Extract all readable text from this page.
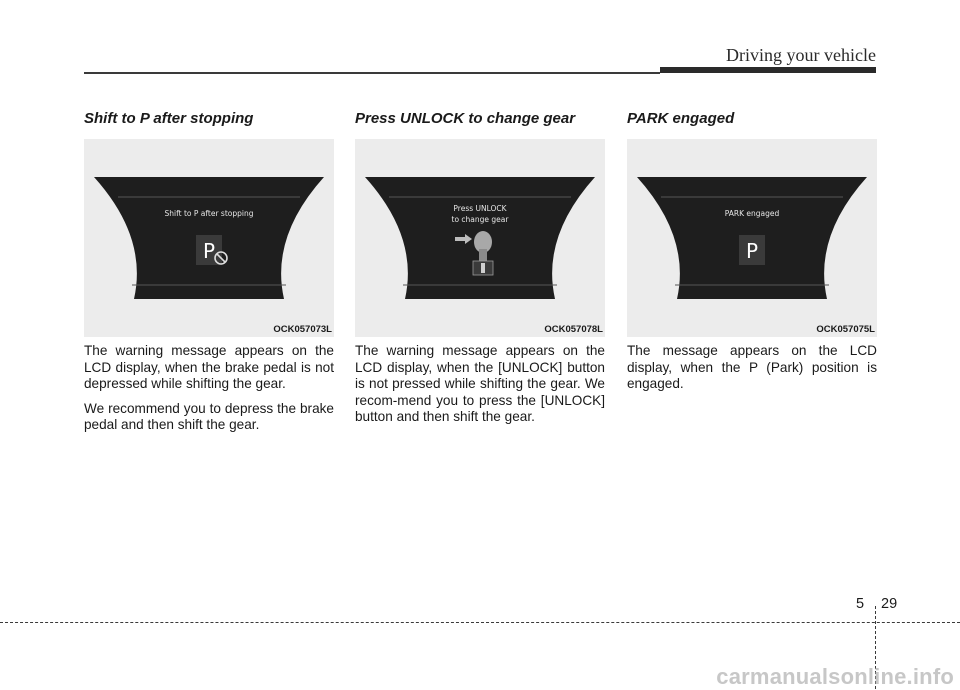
Driving your vehicle
Shift to P after stopping
Shift to P after stopping
P
OCK057073L

The warning message appears on the LCD display, when the brake pedal is not depressed while shifting the gear.

We recommend you to depress the brake pedal and then shift the gear.

Press UNLOCK to change gear
Press UNLOCK
to change gear
OCK057078L

The warning message appears on the LCD display, when the [UNLOCK] button is not pressed while shifting the gear. We recom-mend you to press the [UNLOCK] button and then shift the gear.

PARK engaged
PARK engaged
P
OCK057075L

The message appears on the LCD display, when the P (Park) position is engaged.

5 29
carmanualsonline.info
